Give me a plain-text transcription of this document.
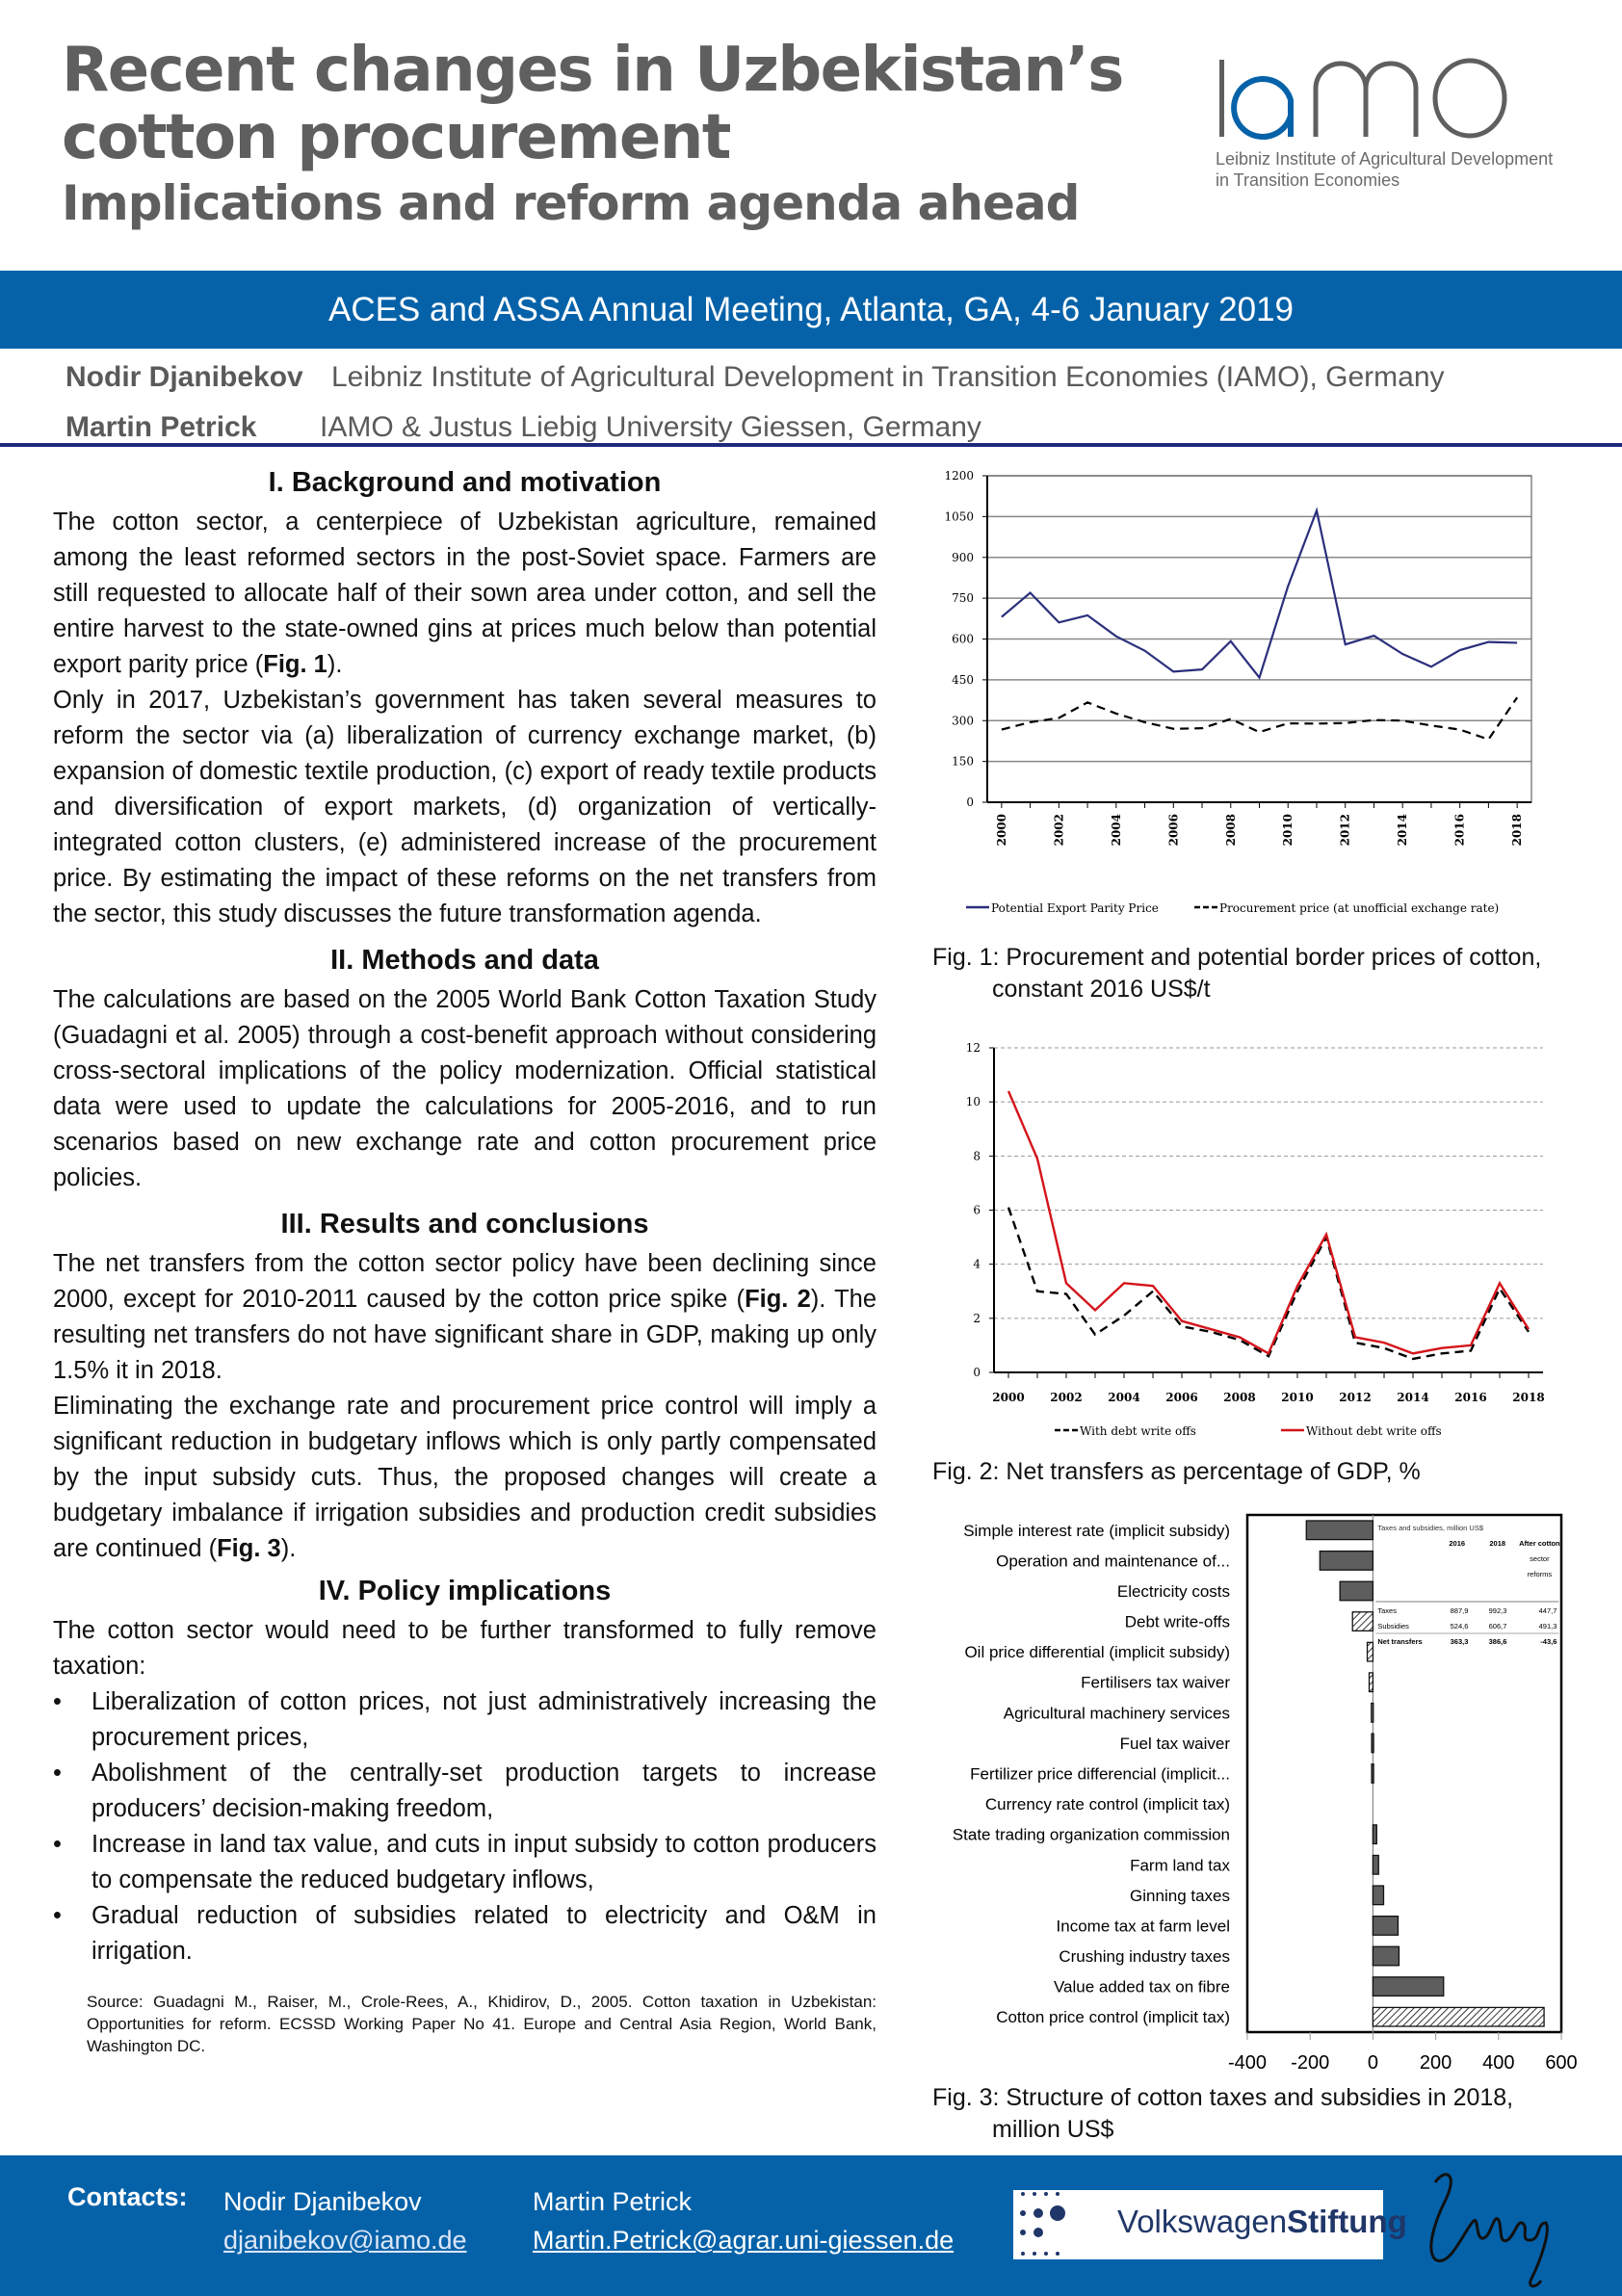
Recent changes in Uzbekistan’s
cotton procurement
Implications and reform agenda ahead
Leibniz Institute of Agricultural Development
in Transition Economies
ACES and ASSA Annual Meeting, Atlanta, GA, 4-6 January 2019
Nodir Djanibekov Leibniz Institute of Agricultural Development in Transition Economies (IAMO), Germany
Martin Petrick IAMO & Justus Liebig University Giessen, Germany
I. Background and motivation

The cotton sector, a centerpiece of Uzbekistan agriculture, remained among the least reformed sectors in the post-Soviet space. Farmers are still requested to allocate half of their sown area under cotton, and sell the entire harvest to the state-owned gins at prices much below than potential export parity price (Fig. 1).

Only in 2017, Uzbekistan’s government has taken several measures to reform the sector via (a) liberalization of currency exchange market, (b) expansion of domestic textile production, (c) export of ready textile products and diversification of export markets, (d) organization of vertically-integrated cotton clusters, (e) administered increase of the procurement price. By estimating the impact of these reforms on the net transfers from the sector, this study discusses the future transformation agenda.

II. Methods and data

The calculations are based on the 2005 World Bank Cotton Taxation Study (Guadagni et al. 2005) through a cost-benefit approach without considering cross-sectoral implications of the policy modernization. Official statistical data were used to update the calculations for 2005-2016, and to run scenarios based on new exchange rate and cotton procurement price policies.

III. Results and conclusions

The net transfers from the cotton sector policy have been declining since 2000, except for 2010-2011 caused by the cotton price spike (Fig. 2). The resulting net transfers do not have significant share in GDP, making up only 1.5% it in 2018.

Eliminating the exchange rate and procurement price control will imply a significant reduction in budgetary inflows which is only partly compensated by the input subsidy cuts. Thus, the proposed changes will create a budgetary imbalance if irrigation subsidies and production credit subsidies are continued (Fig. 3).

IV. Policy implications

The cotton sector would need to be further transformed to fully remove taxation:

• Liberalization of cotton prices, not just administratively increasing the procurement prices,
• Abolishment of the centrally-set production targets to increase producers’ decision-making freedom,
• Increase in land tax value, and cuts in input subsidy to cotton producers to compensate the reduced budgetary inflows,
• Gradual reduction of subsidies related to electricity and O&M in irrigation.

Source: Guadagni M., Raiser, M., Crole-Rees, A., Khidirov, D., 2005. Cotton taxation in Uzbekistan: Opportunities for reform. ECSSD Working Paper No 41. Europe and Central Asia Region, World Bank, Washington DC.

0
150
300
450
600
750
900
1050
1200
2000	2002	2004	2006	2008	2010	2012	2014	2016	2018
Potential Export Parity Price	Procurement price (at unofficial exchange rate)
Fig. 1: Procurement and potential border prices of cotton,
constant 2016 US$/t
0
2
4
6
8
10
12
2000 2002 2004 2006 2008 2010 2012 2014 2016 2018
With debt write offs	Without debt write offs
Fig. 2: Net transfers as percentage of GDP, %
-400 -200 0 200 400 600
Simple interest rate (implicit subsidy)
Operation and maintenance of...
Electricity costs
Debt write-offs
Oil price differential (implicit subsidy)
Fertilisers tax waiver
Agricultural machinery services
Fuel tax waiver
Fertilizer price differencial (implicit...
Currency rate control (implicit tax)
State trading organization commission
Farm land tax
Ginning taxes
Income tax at farm level
Crushing industry taxes
Value added tax on fibre
Cotton price control (implicit tax)
Taxes and subsidies, million US$
2016	2018 After cotton
sector
reforms
Taxes	887,9	992,3	447,7
Subsidies	524,6	606,7	491,3
Net transfers	363,3	386,6	-43,6
Fig. 3: Structure of cotton taxes and subsidies in 2018,
million US$
Contacts: Nodir Djanibekov
djanibekov@iamo.de
Martin Petrick
Martin.Petrick@agrar.uni-giessen.de
VolkswagenStiftung
